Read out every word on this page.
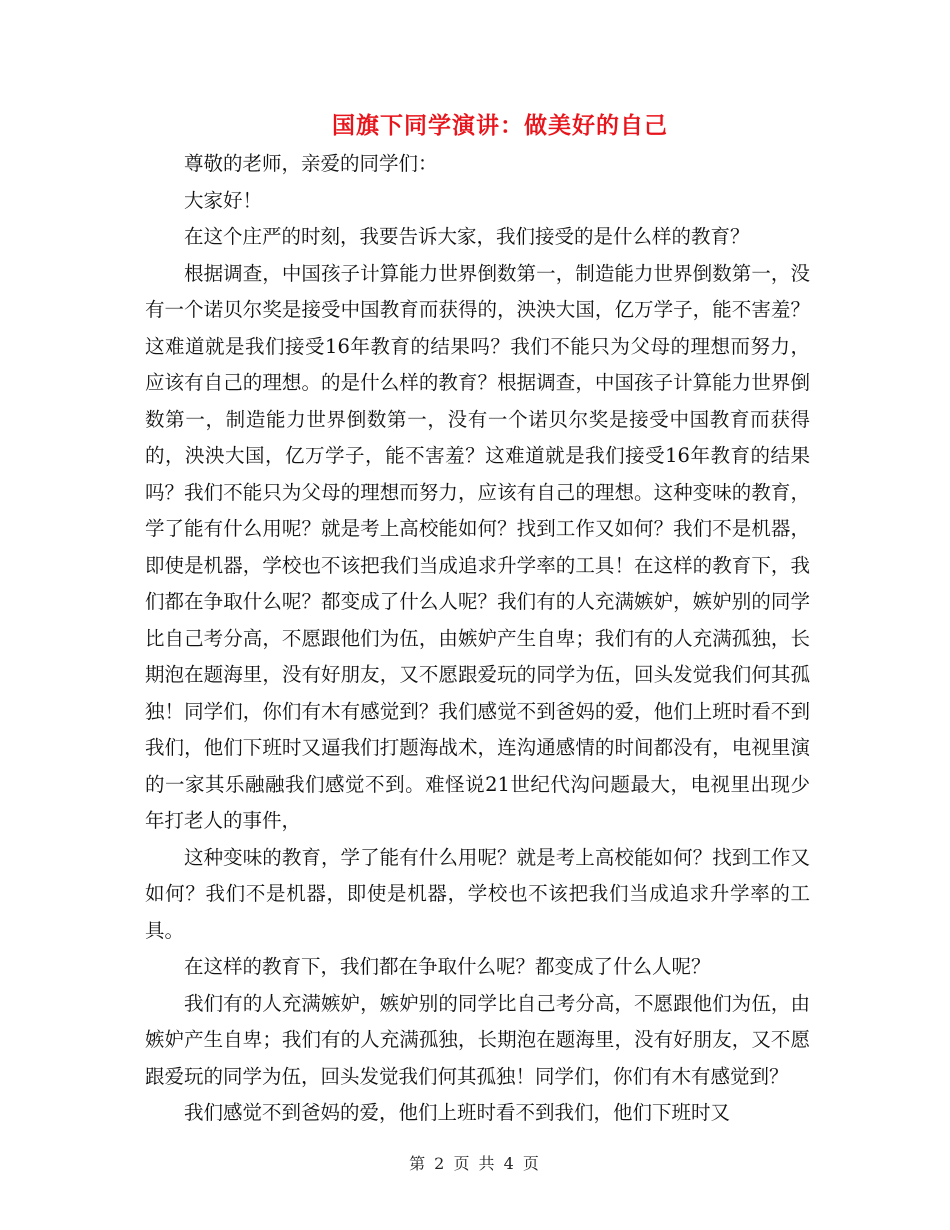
国旗下同学演讲：做美好的自己

尊敬的老师，亲爱的同学们：

大家好！

在这个庄严的时刻，我要告诉大家，我们接受的是什么样的教育？

根据调查，中国孩子计算能力世界倒数第一，制造能力世界倒数第一，没有一个诺贝尔奖是接受中国教育而获得的，泱泱大国，亿万学子，能不害羞？这难道就是我们接受16年教育的结果吗？我们不能只为父母的理想而努力，应该有自己的理想。的是什么样的教育？根据调查，中国孩子计算能力世界倒数第一，制造能力世界倒数第一，没有一个诺贝尔奖是接受中国教育而获得的，泱泱大国，亿万学子，能不害羞？这难道就是我们接受16年教育的结果吗？我们不能只为父母的理想而努力，应该有自己的理想。这种变味的教育，学了能有什么用呢？就是考上高校能如何？找到工作又如何？我们不是机器，即使是机器，学校也不该把我们当成追求升学率的工具！在这样的教育下，我们都在争取什么呢？都变成了什么人呢？我们有的人充满嫉妒，嫉妒别的同学比自己考分高，不愿跟他们为伍，由嫉妒产生自卑；我们有的人充满孤独，长期泡在题海里，没有好朋友，又不愿跟爱玩的同学为伍，回头发觉我们何其孤独！同学们，你们有木有感觉到？我们感觉不到爸妈的爱，他们上班时看不到我们，他们下班时又逼我们打题海战术，连沟通感情的时间都没有，电视里演的一家其乐融融我们感觉不到。难怪说21世纪代沟问题最大，电视里出现少年打老人的事件，

这种变味的教育，学了能有什么用呢？就是考上高校能如何？找到工作又如何？我们不是机器，即使是机器，学校也不该把我们当成追求升学率的工具。

在这样的教育下，我们都在争取什么呢？都变成了什么人呢？

我们有的人充满嫉妒，嫉妒别的同学比自己考分高，不愿跟他们为伍，由嫉妒产生自卑；我们有的人充满孤独，长期泡在题海里，没有好朋友，又不愿跟爱玩的同学为伍，回头发觉我们何其孤独！同学们，你们有木有感觉到？

我们感觉不到爸妈的爱，他们上班时看不到我们，他们下班时又

第 2 页 共 4 页
